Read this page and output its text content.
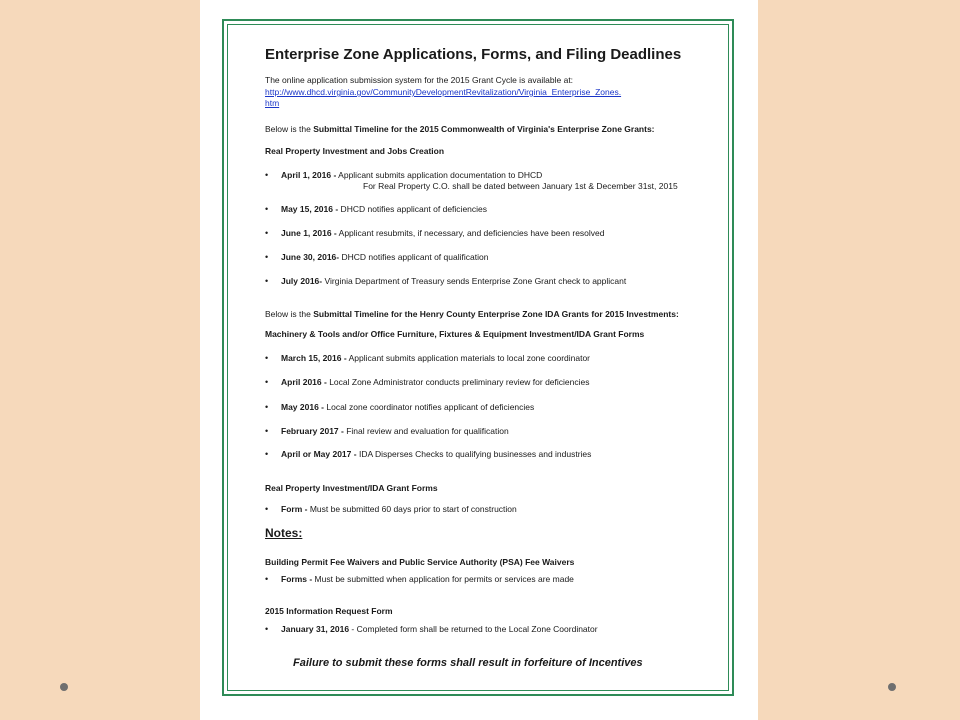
Enterprise Zone Applications, Forms, and Filing Deadlines
The online application submission system for the 2015 Grant Cycle is available at:
http://www.dhcd.virginia.gov/CommunityDevelopmentRevitalization/Virginia_Enterprise_Zones.
htm
Below is the Submittal Timeline for the 2015 Commonwealth of Virginia's Enterprise Zone Grants:
Real Property Investment and Jobs Creation
• April 1, 2016 - Applicant submits application documentation to DHCD
For Real Property C.O. shall be dated between January 1st & December 31st, 2015
• May 15, 2016 - DHCD notifies applicant of deficiencies
• June 1, 2016 - Applicant resubmits, if necessary, and deficiencies have been resolved
• June 30, 2016- DHCD notifies applicant of qualification
• July 2016- Virginia Department of Treasury sends Enterprise Zone Grant check to applicant
Below is the Submittal Timeline for the Henry County Enterprise Zone IDA Grants for 2015 Investments:
Machinery & Tools and/or Office Furniture, Fixtures & Equipment Investment/IDA Grant Forms
• March 15, 2016 - Applicant submits application materials to local zone coordinator
• April 2016 - Local Zone Administrator conducts preliminary review for deficiencies
• May 2016 - Local zone coordinator notifies applicant of deficiencies
• February 2017 - Final review and evaluation for qualification
• April or May 2017 - IDA Disperses Checks to qualifying businesses and industries
Real Property Investment/IDA Grant Forms
• Form - Must be submitted 60 days prior to start of construction
Notes:
Building Permit Fee Waivers and Public Service Authority (PSA) Fee Waivers
• Forms - Must be submitted when application for permits or services are made
2015 Information Request Form
• January 31, 2016 - Completed form shall be returned to the Local Zone Coordinator
Failure to submit these forms shall result in forfeiture of Incentives
